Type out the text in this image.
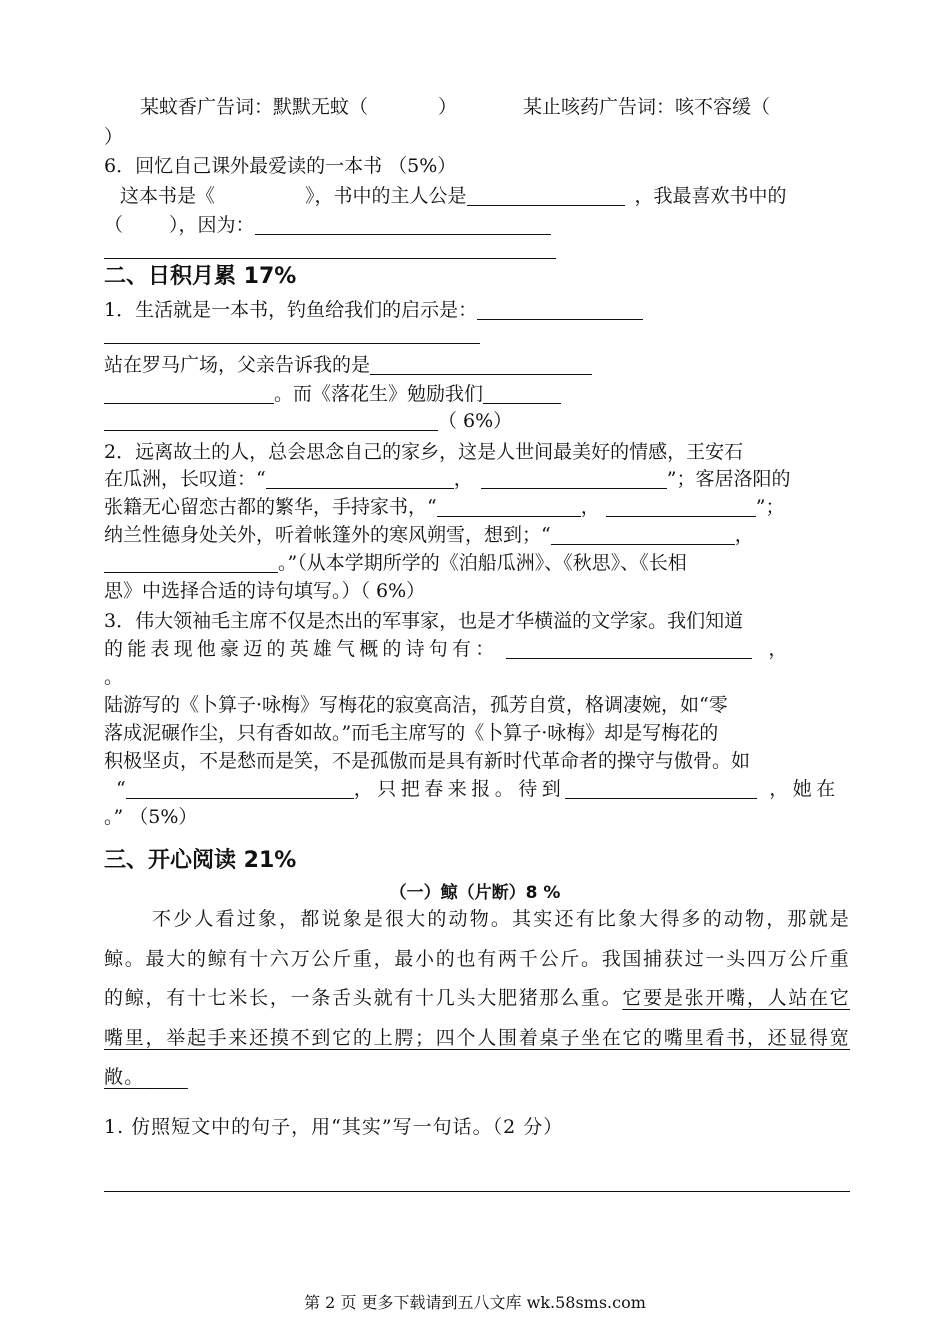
某蚊香广告词：默默无蚊（	）	某止咳药广告词：咳不容缓（
）
6．回忆自己课外最爱读的一本书 （5%）
这本书是《	》，书中的主人公是	，我最喜欢书中的
（ ），因为：
二、日积月累 17%
1．生活就是一本书，钓鱼给我们的启示是：
站在罗马广场，父亲告诉我的是
。而《落花生》勉励我们
（ 6%）
2．远离故土的人，总会思念自己的家乡，这是人世间最美好的情感，王安石
在瓜洲，长叹道：“	，	”；客居洛阳的
张籍无心留恋古都的繁华，手持家书，“	，	”；
纳兰性德身处关外，听着帐篷外的寒风朔雪，想到；“	，
。”（从本学期所学的《泊船瓜洲》、《秋思》、《长相
思》中选择合适的诗句填写。）（ 6%）
3．伟大领袖毛主席不仅是杰出的军事家，也是才华横溢的文学家。我们知道
的能表现他豪迈的英雄气概的诗句有：	，
。
陆游写的《卜算子·咏梅》写梅花的寂寞高洁，孤芳自赏，格调凄婉，如“零
落成泥碾作尘，只有香如故。”而毛主席写的《卜算子·咏梅》却是写梅花的
积极坚贞，不是愁而是笑，不是孤傲而是具有新时代革命者的操守与傲骨。如
“	，只把春来报。待到	，她在
。” （5%）
三、开心阅读 21%
（一）鲸（片断）8 %
不少人看过象，都说象是很大的动物。其实还有比象大得多的动物，那就是鲸。最大的鲸有十六万公斤重，最小的也有两千公斤。我国捕获过一头四万公斤重的鲸，有十七米长，一条舌头就有十几头大肥猪那么重。它要是张开嘴，人站在它嘴里，举起手来还摸不到它的上腭；四个人围着桌子坐在它的嘴里看书，还显得宽敞。
1. 仿照短文中的句子，用“其实”写一句话。（2 分）
第 2 页 更多下载请到五八文库 wk.58sms.com
